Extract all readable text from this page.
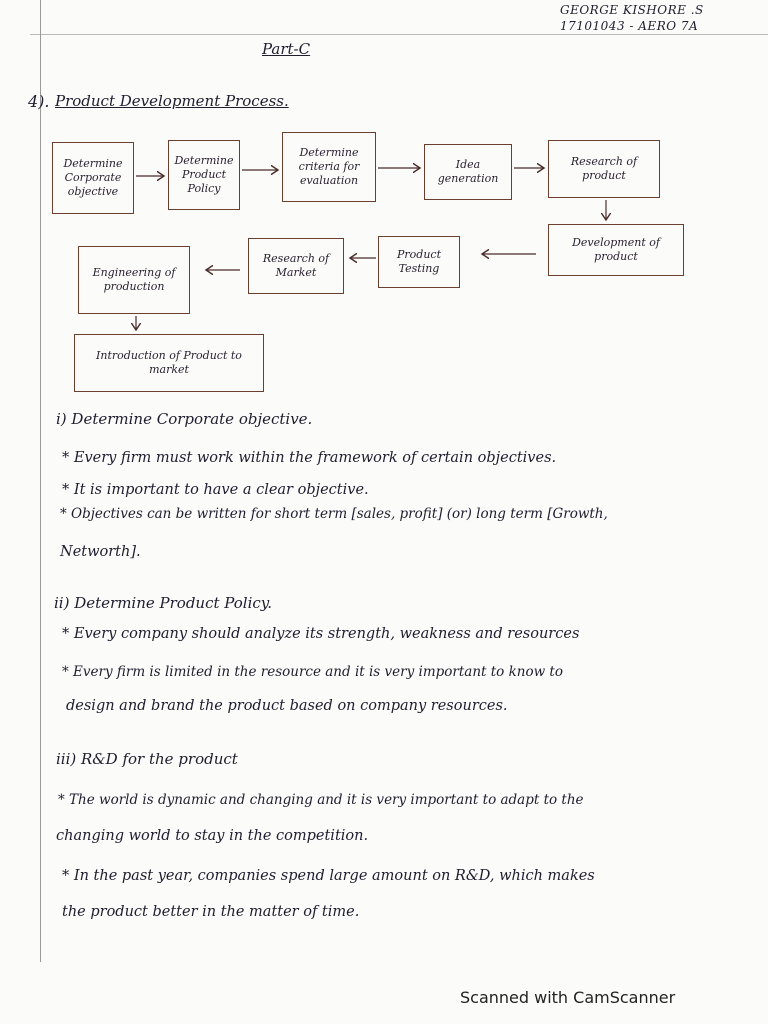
GEORGE KISHORE .S
17101043 - AERO 7A
Part-C
4). Product Development Process.
Determine Corporate objective
Determine Product Policy
Determine criteria for evaluation
Idea generation
Research of product
Development of product
Product Testing
Research of Market
Engineering of production
Introduction of Product to market
i) Determine Corporate objective.
* Every firm must work within the framework of certain objectives.
* It is important to have a clear objective.
* Objectives can be written for short term [sales, profit] (or) long term [Growth,
Networth].
ii) Determine Product Policy.
* Every company should analyze its strength, weakness and resources
* Every firm is limited in the resource and it is very important to know to
design and brand the product based on company resources.
iii) R&D for the product
* The world is dynamic and changing and it is very important to adapt to the
changing world to stay in the competition.
* In the past year, companies spend large amount on R&D, which makes
the product better in the matter of time.
Scanned with CamScanner
